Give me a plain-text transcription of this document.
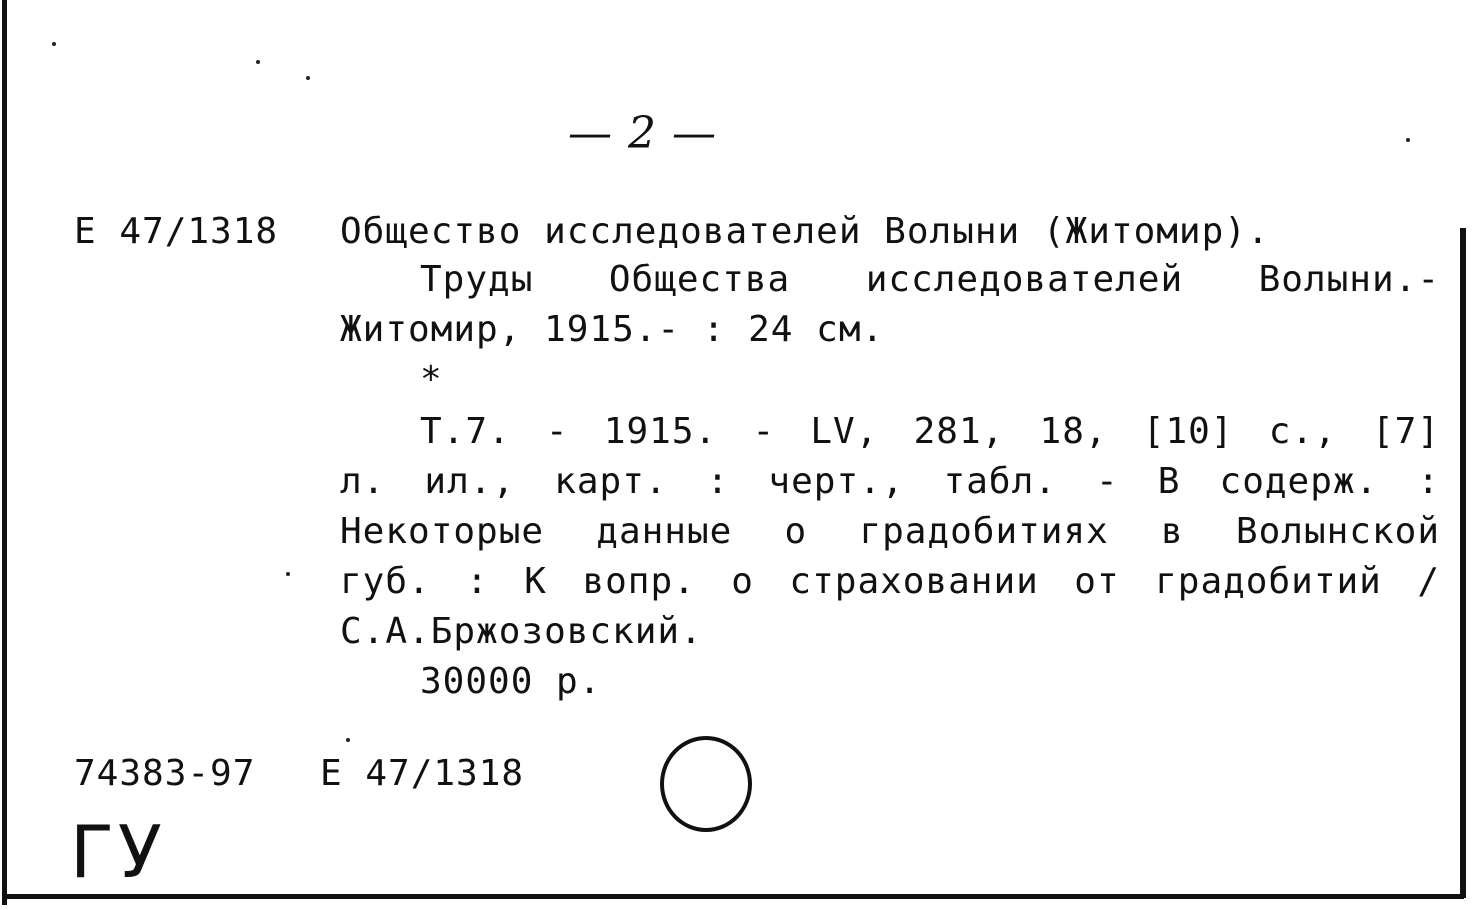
— 2 —
E 47/1318 Общество исследователей Волыни (Житомир).
Труды Общества исследователей Волыни.-
Житомир, 1915.- : 24 см.
*
Т.7. - 1915. - LV, 281, 18, [10] с., [7]
л. ил., карт. : черт., табл. - В содерж. :
Некоторые данные о градобитиях в Волынской
губ. : К вопр. о страховании от градобитий /
С.А.Бржозовский.
30000 р.
74383-97 E 47/1318
ГУ
